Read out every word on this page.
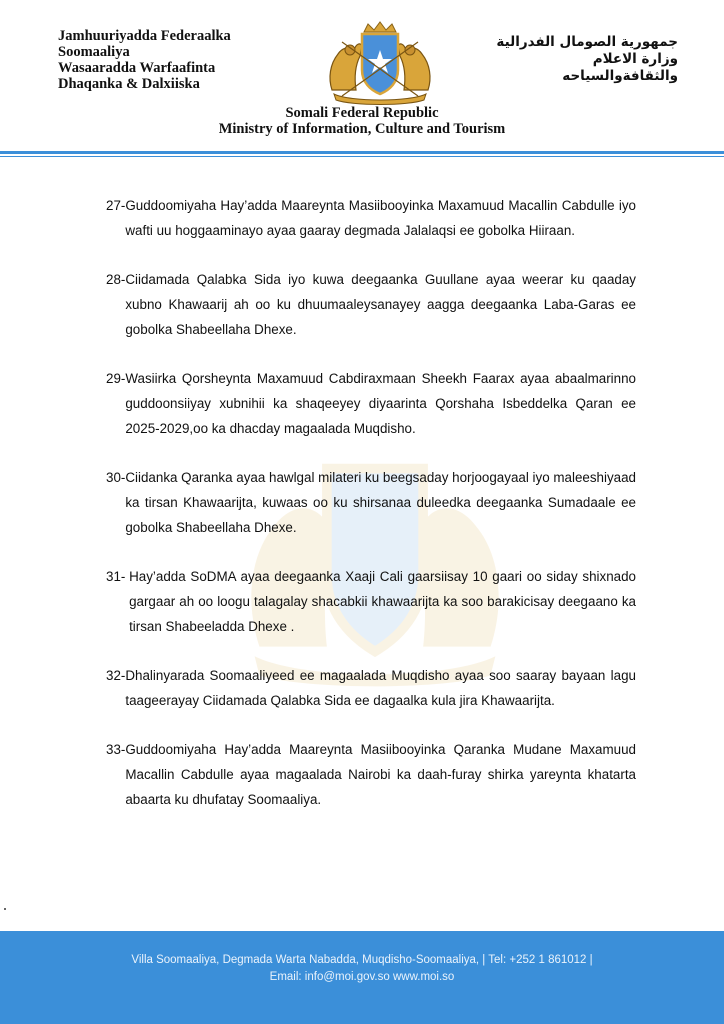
Jamhuuriyadda Federaalka
Soomaaliya
Wasaaradda Warfaafinta
Dhaqanka & Dalxiiska
جمهورية الصومال الفدرالية
وزارة الاعلام
والثقافةوالسياحه
Somali Federal Republic
Ministry of Information, Culture and Tourism
27- Guddoomiyaha Hay’adda Maareynta Masiibooyinka Maxamuud Macallin Cabdulle iyo wafti uu hoggaaminayo ayaa gaaray degmada Jalalaqsi ee gobolka Hiiraan.
28- Ciidamada Qalabka Sida iyo kuwa deegaanka Guullane ayaa weerar ku qaaday xubno Khawaarij ah oo ku dhuumaaleysanayey aagga deegaanka Laba-Garas ee gobolka Shabeellaha Dhexe.
29- Wasiirka Qorsheynta Maxamuud Cabdiraxmaan Sheekh Faarax ayaa abaalmarinno guddoonsiiyay xubnihii ka shaqeeyey diyaarinta Qorshaha Isbeddelka Qaran ee 2025-2029,oo ka dhacday magaalada Muqdisho.
30- Ciidanka Qaranka ayaa hawlgal milateri ku beegsaday horjoogayaal iyo maleeshiyaad ka tirsan Khawaarijta, kuwaas oo ku shirsanaa duleedka deegaanka Sumadaale ee gobolka Shabeellaha Dhexe.
31- Hay’adda SoDMA ayaa deegaanka Xaaji Cali gaarsiisay 10 gaari oo siday shixnado gargaar ah oo loogu talagalay shacabkii khawaarijta ka soo barakicisay deegaano ka tirsan Shabeeladda Dhexe .
32- Dhalinyarada Soomaaliyeed ee magaalada Muqdisho ayaa soo saaray bayaan lagu taageerayay Ciidamada Qalabka Sida ee dagaalka kula jira Khawaarijta.
33- Guddoomiyaha Hay’adda Maareynta Masiibooyinka Qaranka Mudane Maxamuud Macallin Cabdulle ayaa magaalada Nairobi ka daah-furay shirka yareynta khatarta abaarta ku dhufatay Soomaaliya.
Villa Soomaaliya, Degmada Warta Nabadda, Muqdisho-Soomaaliya, | Tel: +252 1 861012 |
Email: info@moi.gov.so www.moi.so
